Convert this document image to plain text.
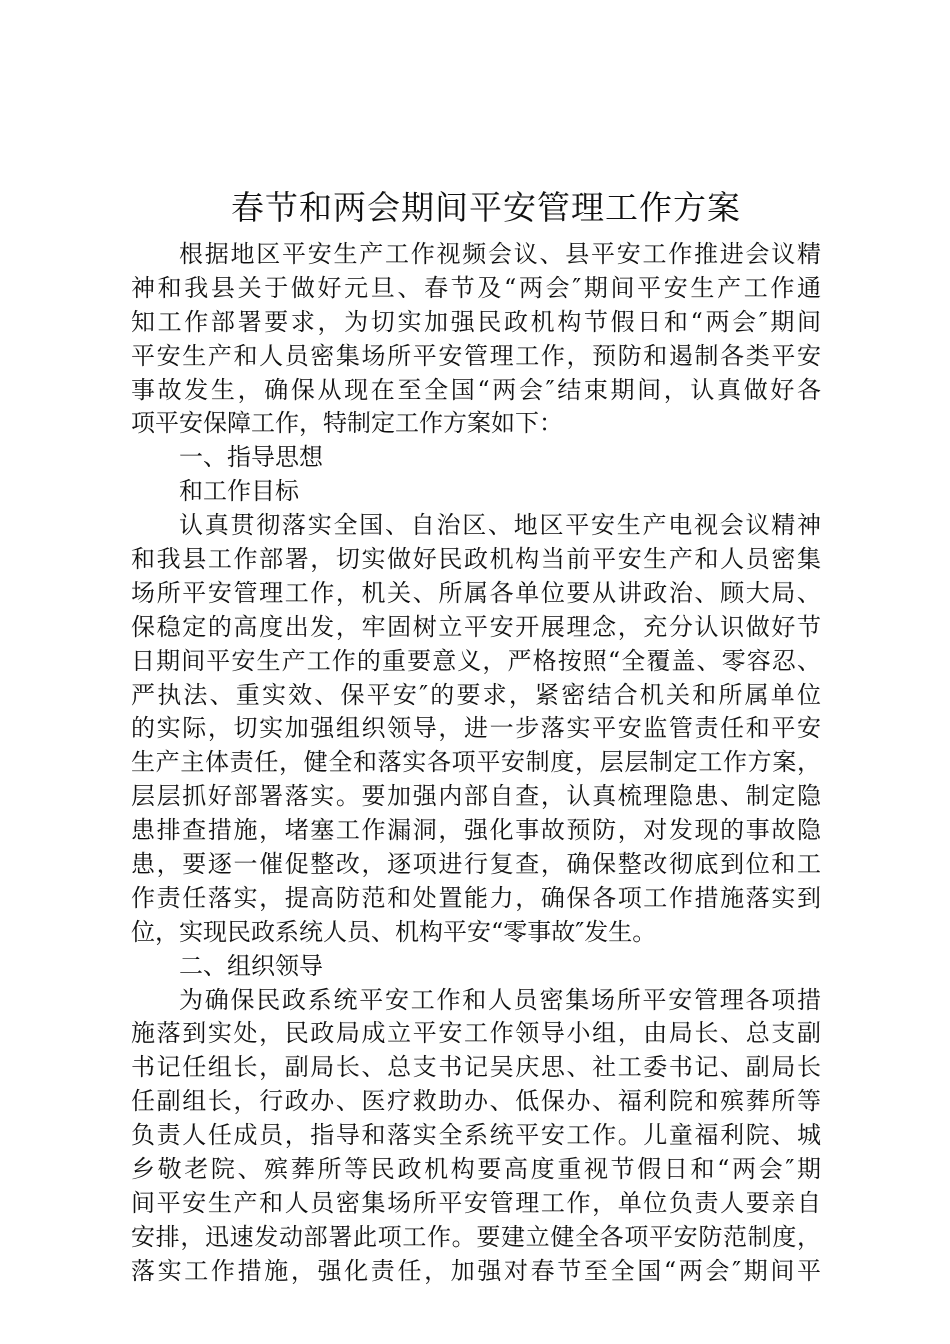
春节和两会期间平安管理工作方案
根据地区平安生产工作视频会议、县平安工作推进会议精
神和我县关于做好元旦、春节及“两会″期间平安生产工作通
知工作部署要求，为切实加强民政机构节假日和“两会″期间
平安生产和人员密集场所平安管理工作，预防和遏制各类平安
事故发生，确保从现在至全国“两会″结束期间，认真做好各
项平安保障工作，特制定工作方案如下：
一、指导思想
和工作目标
认真贯彻落实全国、自治区、地区平安生产电视会议精神
和我县工作部署，切实做好民政机构当前平安生产和人员密集
场所平安管理工作，机关、所属各单位要从讲政治、顾大局、
保稳定的高度出发，牢固树立平安开展理念，充分认识做好节
日期间平安生产工作的重要意义，严格按照“全覆盖、零容忍、
严执法、重实效、保平安″的要求，紧密结合机关和所属单位
的实际，切实加强组织领导，进一步落实平安监管责任和平安
生产主体责任，健全和落实各项平安制度，层层制定工作方案，
层层抓好部署落实。要加强内部自查，认真梳理隐患、制定隐
患排查措施，堵塞工作漏洞，强化事故预防，对发现的事故隐
患，要逐一催促整改，逐项进行复查，确保整改彻底到位和工
作责任落实，提高防范和处置能力，确保各项工作措施落实到
位，实现民政系统人员、机构平安“零事故″发生。
二、组织领导
为确保民政系统平安工作和人员密集场所平安管理各项措
施落到实处，民政局成立平安工作领导小组，由局长、总支副
书记任组长，副局长、总支书记吴庆思、社工委书记、副局长
任副组长，行政办、医疗救助办、低保办、福利院和殡葬所等
负责人任成员，指导和落实全系统平安工作。儿童福利院、城
乡敬老院、殡葬所等民政机构要高度重视节假日和“两会″期
间平安生产和人员密集场所平安管理工作，单位负责人要亲自
安排，迅速发动部署此项工作。要建立健全各项平安防范制度，
落实工作措施，强化责任，加强对春节至全国“两会″期间平
